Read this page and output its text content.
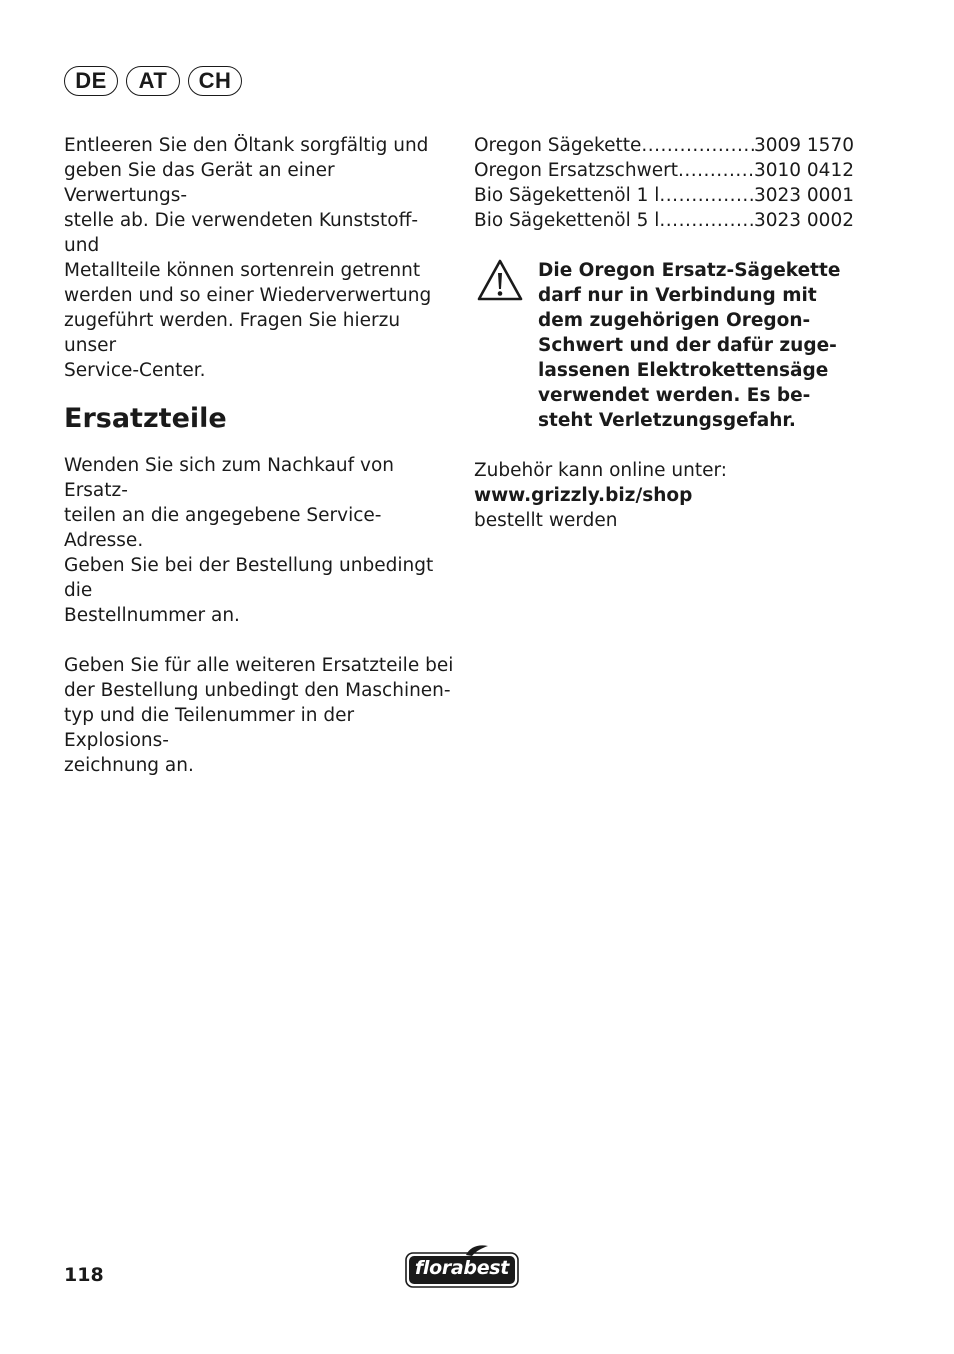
DE	AT	CH

Entleeren Sie den Öltank sorgfältig und
geben Sie das Gerät an einer Verwertungs-
stelle ab. Die verwendeten Kunststoff- und
Metallteile können sortenrein getrennt
werden und so einer Wiederverwertung
zugeführt werden. Fragen Sie hierzu unser
Service-Center.

Ersatzteile

Wenden Sie sich zum Nachkauf von Ersatz-
teilen an die angegebene Service-Adresse.
Geben Sie bei der Bestellung unbedingt die
Bestellnummer an.

Geben Sie für alle weiteren Ersatzteile bei
der Bestellung unbedingt den Maschinen-
typ und die Teilenummer in der Explosions-
zeichnung an.

Oregon Sägekette .....	3009 1570
Oregon Ersatzschwert .....	3010 0412
Bio Sägekettenöl 1 l .....	3023 0001
Bio Sägekettenöl 5 l .....	3023 0002
Die Oregon Ersatz-Sägekette
darf nur in Verbindung mit
dem zugehörigen Oregon-
Schwert und der dafür zuge-
lassenen Elektrokettensäge
verwendet werden. Es be-
steht Verletzungsgefahr.

Zubehör kann online unter:
www.grizzly.biz/shop
bestellt werden

118	florabest
